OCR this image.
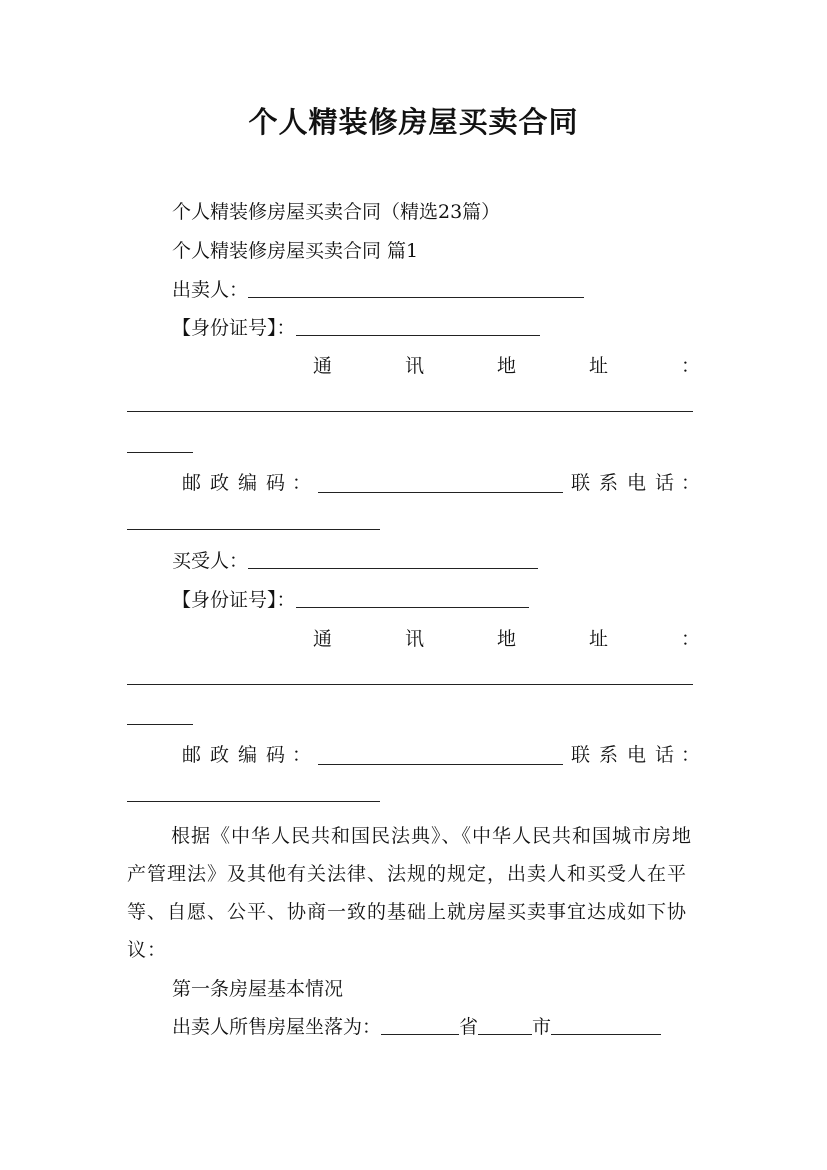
个人精装修房屋买卖合同
个人精装修房屋买卖合同（精选23篇）
个人精装修房屋买卖合同 篇1
出卖人：
【身份证号】：
通	讯	地	址	：
邮 政 编 码 ：	联 系 电 话 ：
买受人：
【身份证号】：
通	讯	地	址	：
邮 政 编 码 ：	联 系 电 话 ：
根据《中华人民共和国民法典》、《中华人民共和国城市房地产管理法》及其他有关法律、法规的规定，出卖人和买受人在平等、自愿、公平、协商一致的基础上就房屋买卖事宜达成如下协议：
第一条房屋基本情况
出卖人所售房屋坐落为：	省	市
